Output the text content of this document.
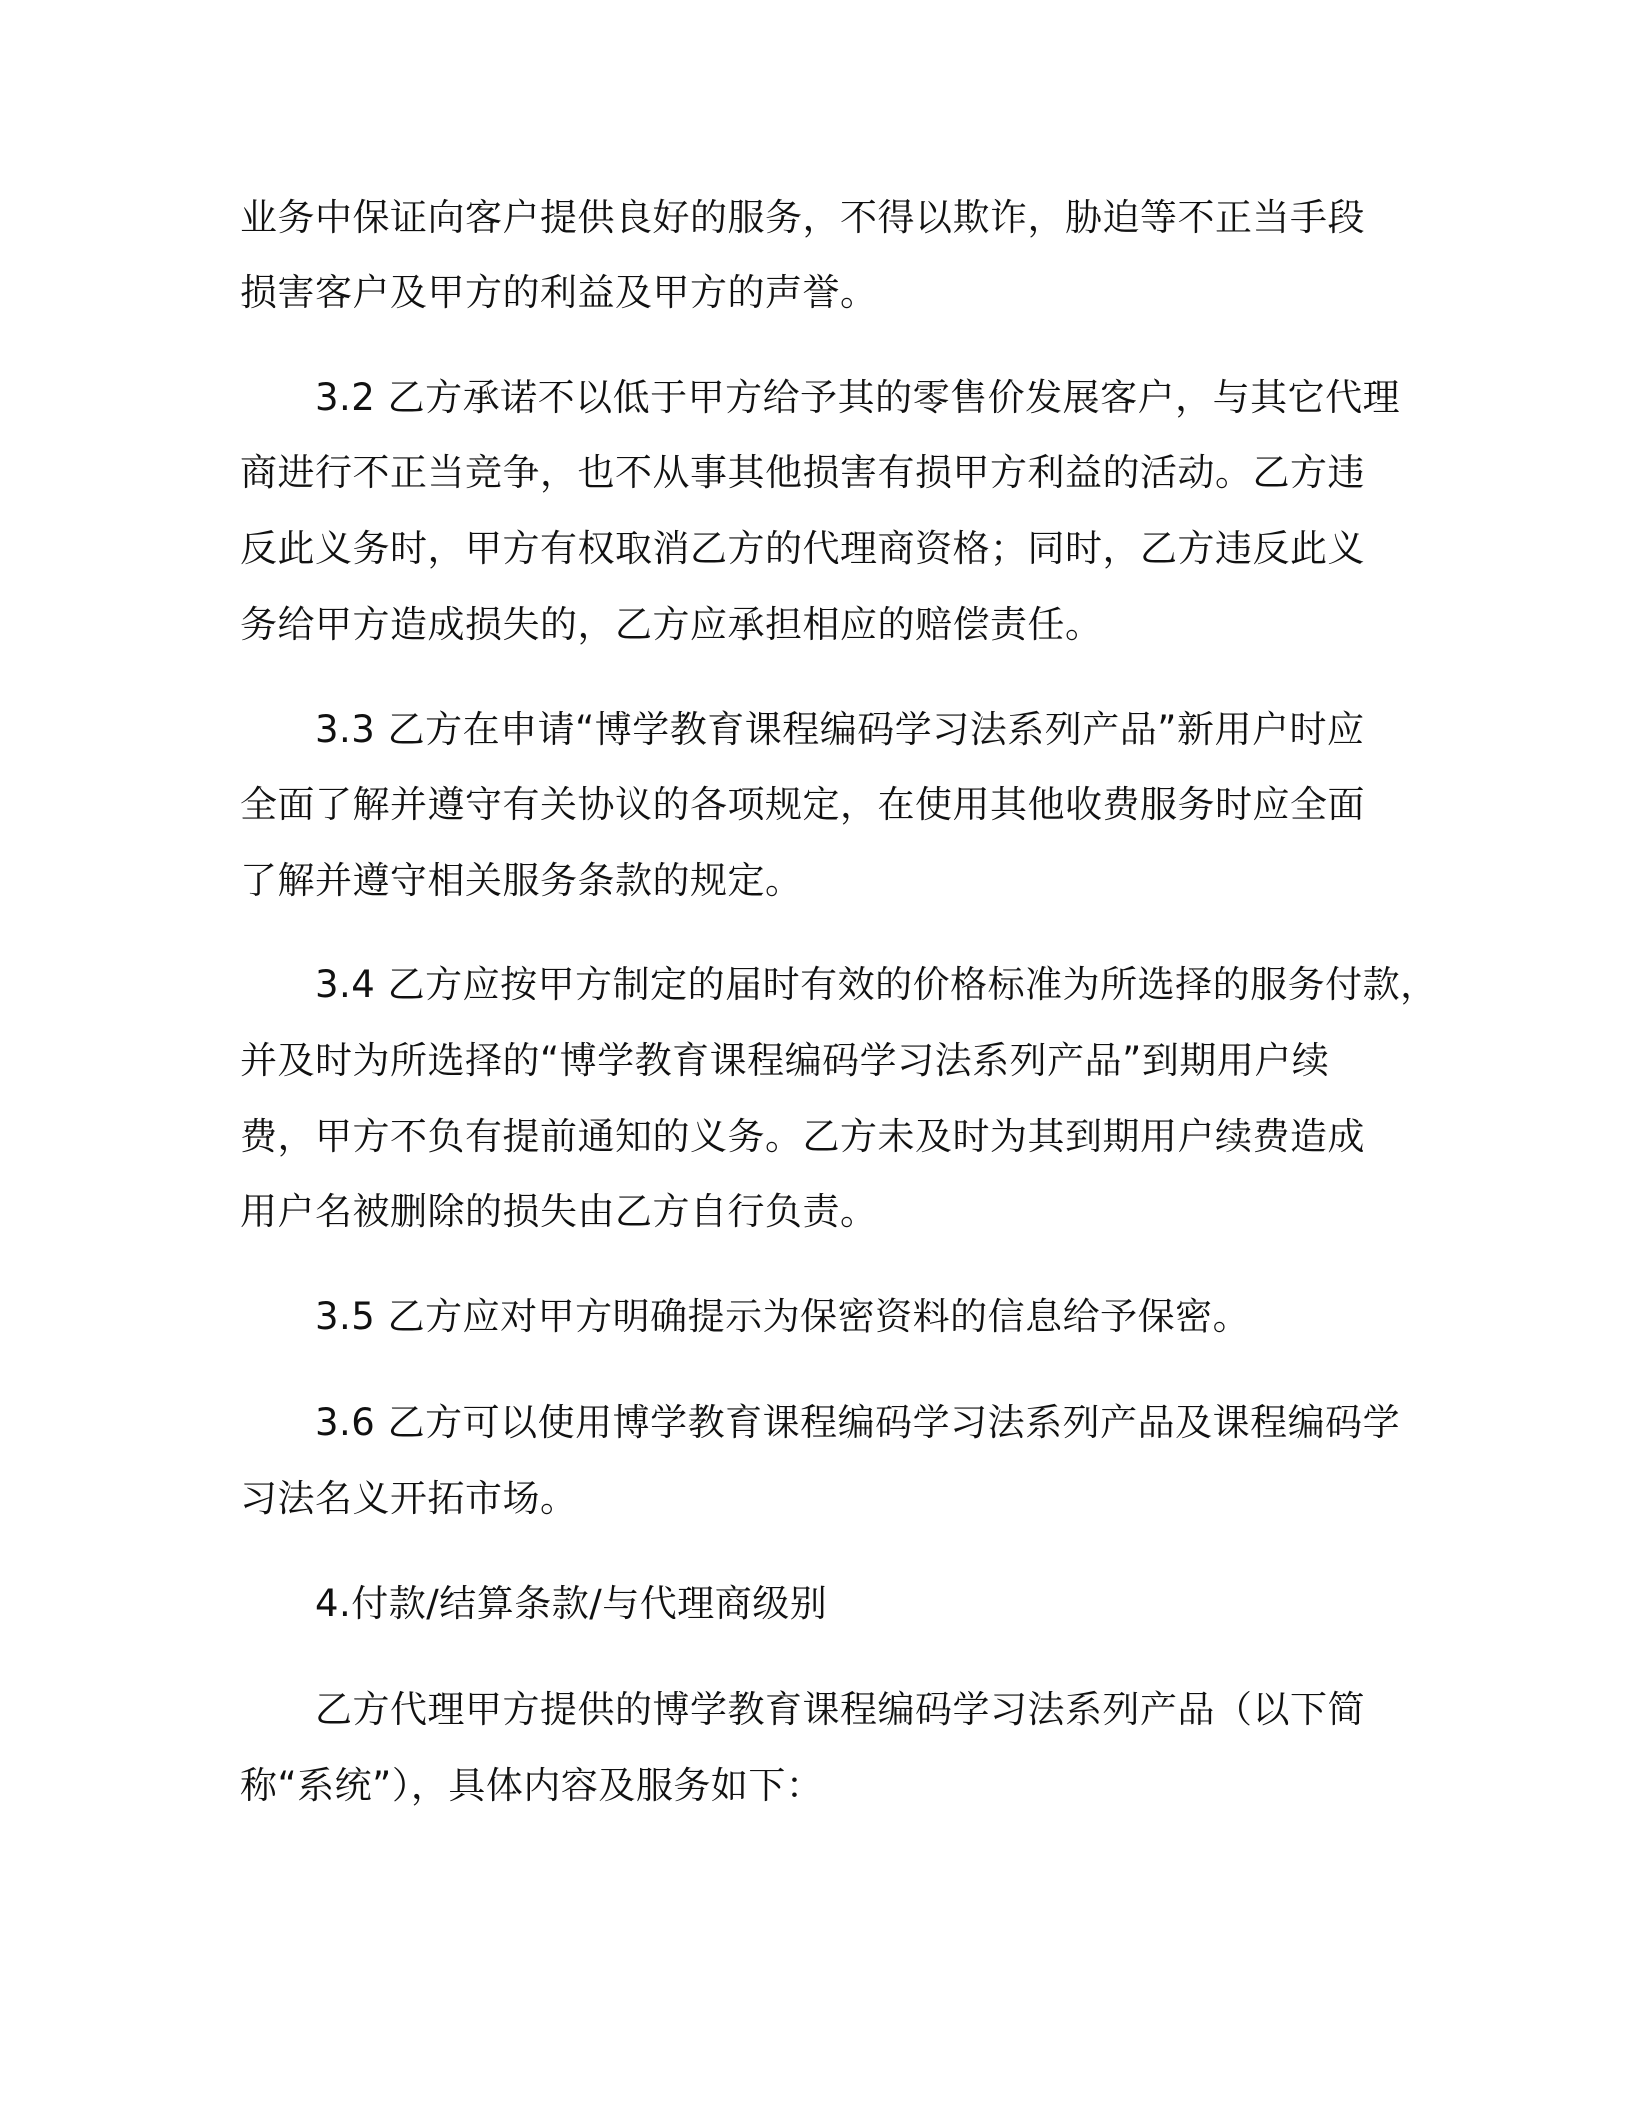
业务中保证向客户提供良好的服务，不得以欺诈，胁迫等不正当手段
损害客户及甲方的利益及甲方的声誉。
3.2 乙方承诺不以低于甲方给予其的零售价发展客户，与其它代理
商进行不正当竞争，也不从事其他损害有损甲方利益的活动。乙方违
反此义务时，甲方有权取消乙方的代理商资格；同时，乙方违反此义
务给甲方造成损失的，乙方应承担相应的赔偿责任。
3.3 乙方在申请“博学教育课程编码学习法系列产品”新用户时应
全面了解并遵守有关协议的各项规定，在使用其他收费服务时应全面
了解并遵守相关服务条款的规定。
3.4 乙方应按甲方制定的届时有效的价格标准为所选择的服务付款，
并及时为所选择的“博学教育课程编码学习法系列产品”到期用户续
费，甲方不负有提前通知的义务。乙方未及时为其到期用户续费造成
用户名被删除的损失由乙方自行负责。
3.5 乙方应对甲方明确提示为保密资料的信息给予保密。
3.6 乙方可以使用博学教育课程编码学习法系列产品及课程编码学
习法名义开拓市场。
4.付款/结算条款/与代理商级别
乙方代理甲方提供的博学教育课程编码学习法系列产品（以下简
称“系统”），具体内容及服务如下：
